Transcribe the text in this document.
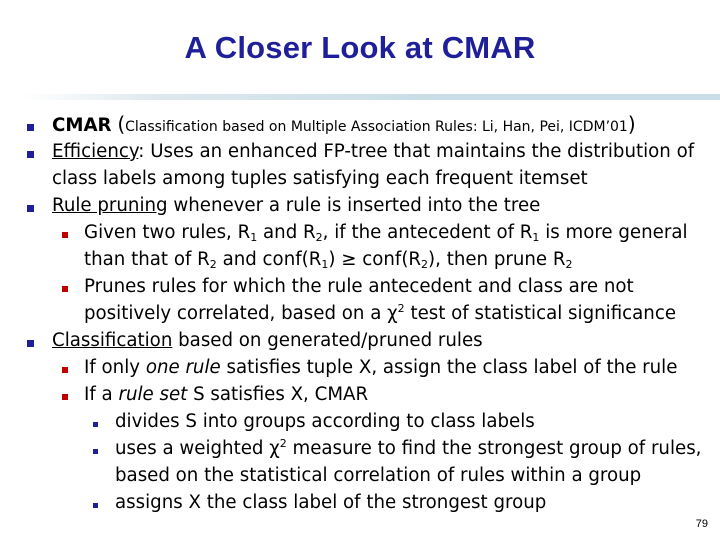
A Closer Look at CMAR
CMAR (Classification based on Multiple Association Rules: Li, Han, Pei, ICDM’01)
Efficiency: Uses an enhanced FP-tree that maintains the distribution of
class labels among tuples satisfying each frequent itemset
Rule pruning whenever a rule is inserted into the tree
Given two rules, $R_1$ and $R_2$, if the antecedent of $R_1$ is more general
than that of $R_2$ and $conf(R_1)$ ≥ $conf(R_2)$, then prune $R_2$
Prunes rules for which the rule antecedent and class are not
positively correlated, based on a $\chi^2$ test of statistical significance
Classification based on generated/pruned rules
If only one rule satisfies tuple X, assign the class label of the rule
If a rule set S satisfies X, CMAR
divides S into groups according to class labels
uses a weighted $\chi^2$ measure to find the strongest group of rules,
based on the statistical correlation of rules within a group
assigns X the class label of the strongest group
79
